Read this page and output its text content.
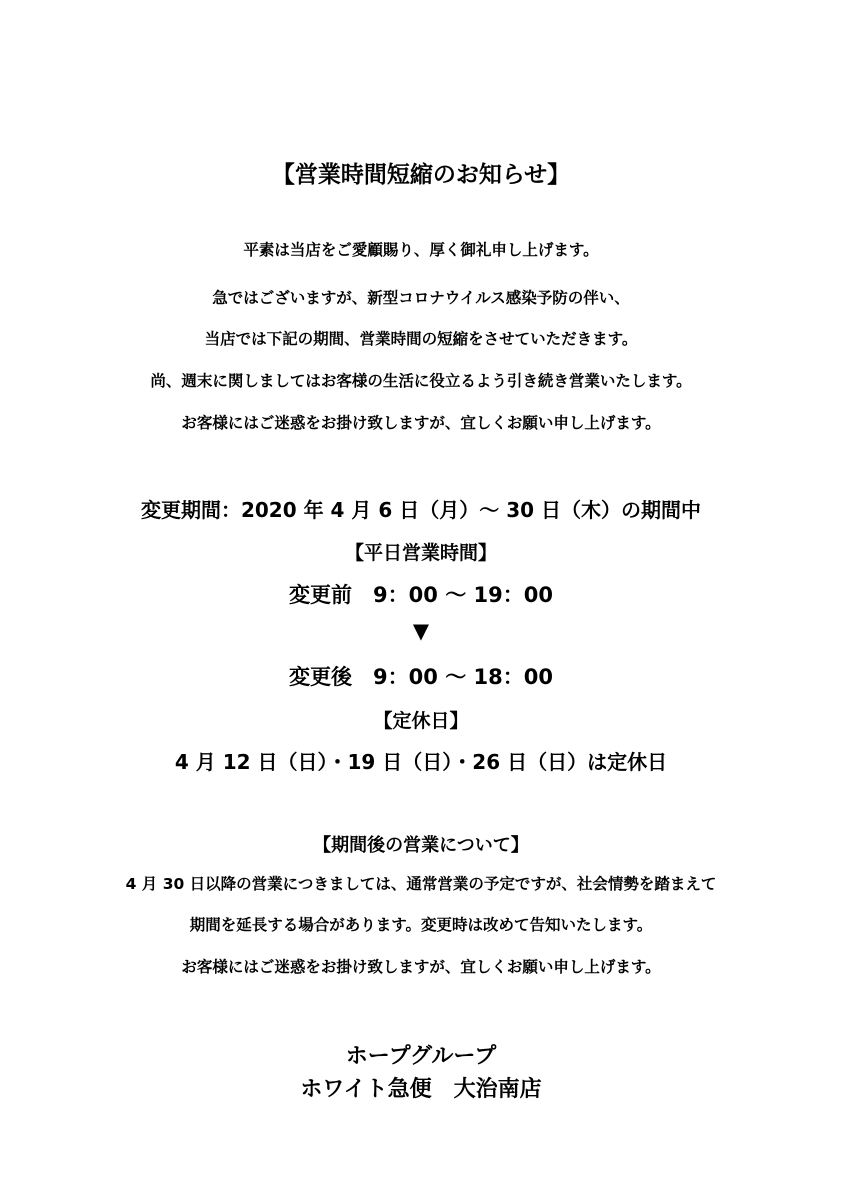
【営業時間短縮のお知らせ】
平素は当店をご愛顧賜り、厚く御礼申し上げます。
急ではございますが、新型コロナウイルス感染予防の伴い、
当店では下記の期間、営業時間の短縮をさせていただきます。
尚、週末に関しましてはお客様の生活に役立るよう引き続き営業いたします。
お客様にはご迷惑をお掛け致しますが、宜しくお願い申し上げます。
変更期間：2020 年 4 月 6 日（月）～ 30 日（木）の期間中
【平日営業時間】
変更前　9：00 ～ 19：00
▼
変更後　9：00 ～ 18：00
【定休日】
4 月 12 日（日）・19 日（日）・26 日（日）は定休日
【期間後の営業について】
4 月 30 日以降の営業につきましては、通常営業の予定ですが、社会情勢を踏まえて
期間を延長する場合があります。変更時は改めて告知いたします。
お客様にはご迷惑をお掛け致しますが、宜しくお願い申し上げます。
ホープグループ
ホワイト急便　大治南店
